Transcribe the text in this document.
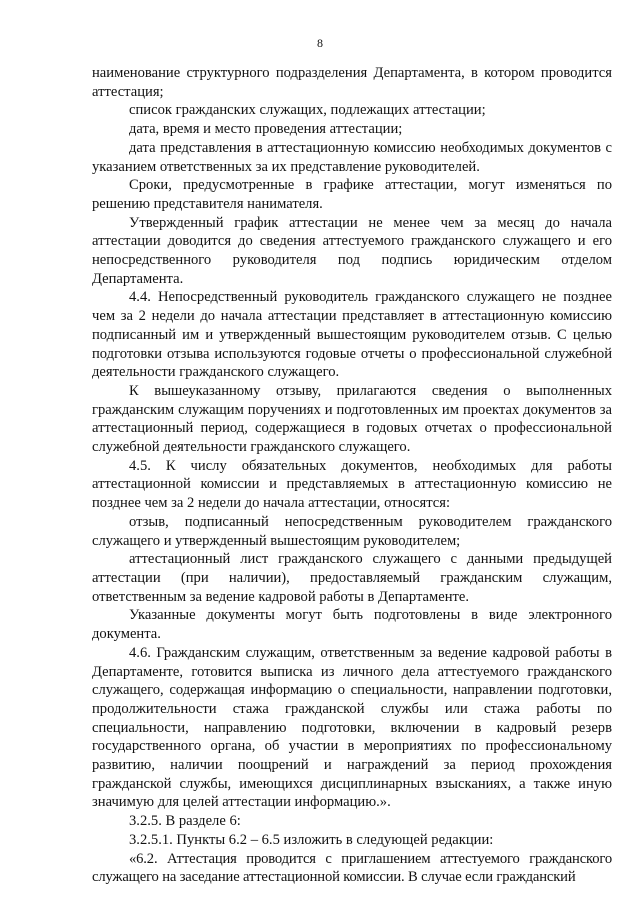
8

наименование структурного подразделения Департамента, в котором проводится аттестация;

список гражданских служащих, подлежащих аттестации;

дата, время и место проведения аттестации;

дата представления в аттестационную комиссию необходимых документов с указанием ответственных за их представление руководителей.

Сроки, предусмотренные в графике аттестации, могут изменяться по решению представителя нанимателя.

Утвержденный график аттестации не менее чем за месяц до начала аттестации доводится до сведения аттестуемого гражданского служащего и его непосредственного руководителя под подпись юридическим отделом Департамента.

4.4. Непосредственный руководитель гражданского служащего не позднее чем за 2 недели до начала аттестации представляет в аттестационную комиссию подписанный им и утвержденный вышестоящим руководителем отзыв. С целью подготовки отзыва используются годовые отчеты о профессиональной служебной деятельности гражданского служащего.

К вышеуказанному отзыву, прилагаются сведения о выполненных гражданским служащим поручениях и подготовленных им проектах документов за аттестационный период, содержащиеся в годовых отчетах о профессиональной служебной деятельности гражданского служащего.

4.5. К числу обязательных документов, необходимых для работы аттестационной комиссии и представляемых в аттестационную комиссию не позднее чем за 2 недели до начала аттестации, относятся:

отзыв, подписанный непосредственным руководителем гражданского служащего и утвержденный вышестоящим руководителем;

аттестационный лист гражданского служащего с данными предыдущей аттестации (при наличии), предоставляемый гражданским служащим, ответственным за ведение кадровой работы в Департаменте.

Указанные документы могут быть подготовлены в виде электронного документа.

4.6. Гражданским служащим, ответственным за ведение кадровой работы в Департаменте, готовится выписка из личного дела аттестуемого гражданского служащего, содержащая информацию о специальности, направлении подготовки, продолжительности стажа гражданской службы или стажа работы по специальности, направлению подготовки, включении в кадровый резерв государственного органа, об участии в мероприятиях по профессиональному развитию, наличии поощрений и награждений за период прохождения гражданской службы, имеющихся дисциплинарных взысканиях, а также иную значимую для целей аттестации информацию.».

3.2.5. В разделе 6:

3.2.5.1. Пункты 6.2 – 6.5 изложить в следующей редакции:

«6.2. Аттестация проводится с приглашением аттестуемого гражданского служащего на заседание аттестационной комиссии. В случае если гражданский
